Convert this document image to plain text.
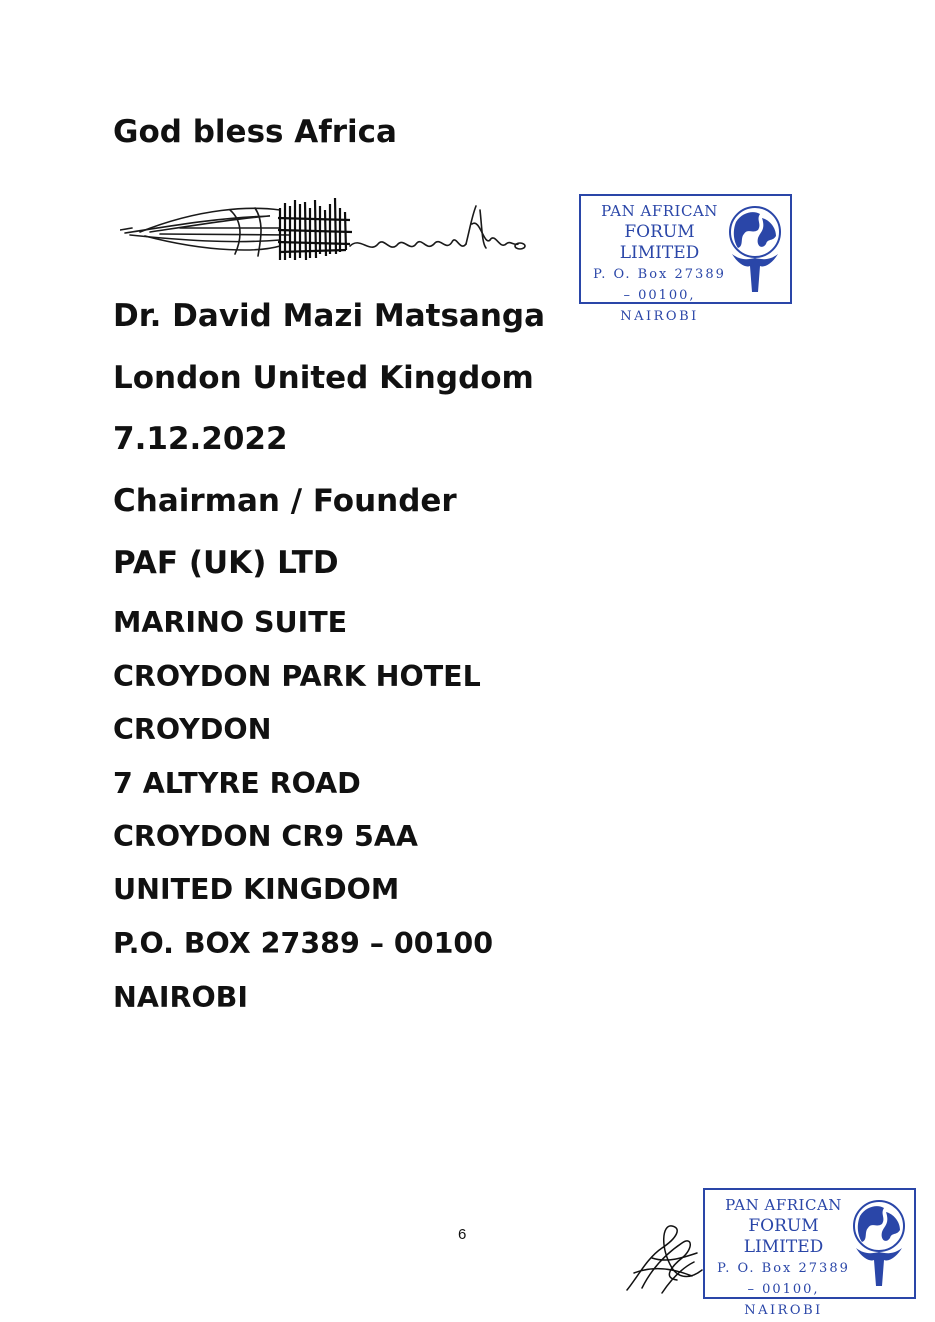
God bless Africa

Dr. David Mazi Matsanga

London United Kingdom

7.12.2022

Chairman / Founder

PAF (UK) LTD

MARINO SUITE

CROYDON PARK HOTEL

CROYDON

7 ALTYRE ROAD

CROYDON CR9 5AA

UNITED KINGDOM

P.O. BOX 27389 – 00100

NAIROBI

PAN AFRICAN
FORUM LIMITED
P. O. Box 27389
– 00100,
NAIROBI
6
PAN AFRICAN
FORUM LIMITED
P. O. Box 27389
– 00100,
NAIROBI
